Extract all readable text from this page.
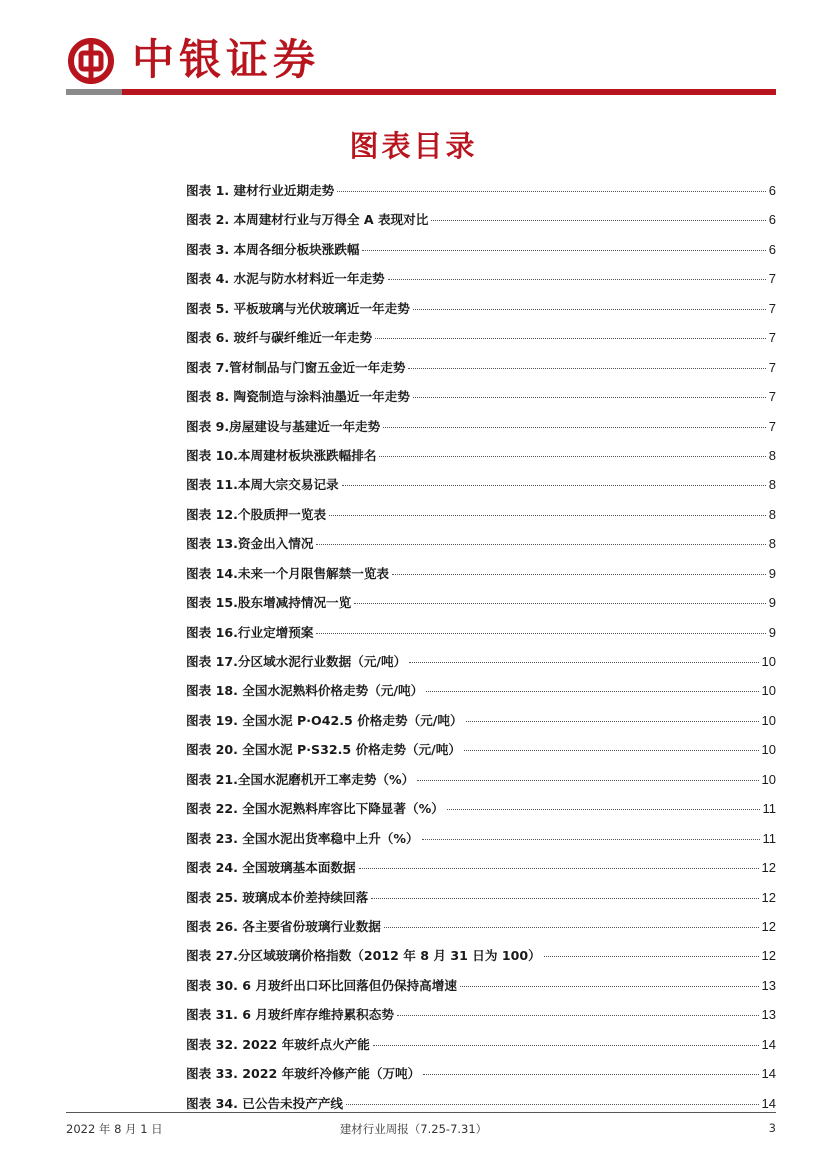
中银证券
图表目录
图表 1. 建材行业近期走势	6
图表 2. 本周建材行业与万得全 A 表现对比	6
图表 3. 本周各细分板块涨跌幅	6
图表 4. 水泥与防水材料近一年走势	7
图表 5. 平板玻璃与光伏玻璃近一年走势	7
图表 6. 玻纤与碳纤维近一年走势	7
图表 7.管材制品与门窗五金近一年走势	7
图表 8. 陶瓷制造与涂料油墨近一年走势	7
图表 9.房屋建设与基建近一年走势	7
图表 10.本周建材板块涨跌幅排名	8
图表 11.本周大宗交易记录	8
图表 12.个股质押一览表	8
图表 13.资金出入情况	8
图表 14.未来一个月限售解禁一览表	9
图表 15.股东增减持情况一览	9
图表 16.行业定增预案	9
图表 17.分区域水泥行业数据（元/吨）	10
图表 18. 全国水泥熟料价格走势（元/吨）	10
图表 19. 全国水泥 P·O42.5 价格走势（元/吨）	10
图表 20. 全国水泥 P·S32.5 价格走势（元/吨）	10
图表 21.全国水泥磨机开工率走势（%）	10
图表 22. 全国水泥熟料库容比下降显著（%）	11
图表 23. 全国水泥出货率稳中上升（%）	11
图表 24. 全国玻璃基本面数据	12
图表 25. 玻璃成本价差持续回落	12
图表 26. 各主要省份玻璃行业数据	12
图表 27.分区域玻璃价格指数（2012 年 8 月 31 日为 100）	12
图表 30. 6 月玻纤出口环比回落但仍保持高增速	13
图表 31. 6 月玻纤库存维持累积态势	13
图表 32. 2022 年玻纤点火产能	14
图表 33. 2022 年玻纤冷修产能（万吨）	14
图表 34. 已公告未投产产线	14
2022 年 8 月 1 日	建材行业周报（7.25-7.31）	3
